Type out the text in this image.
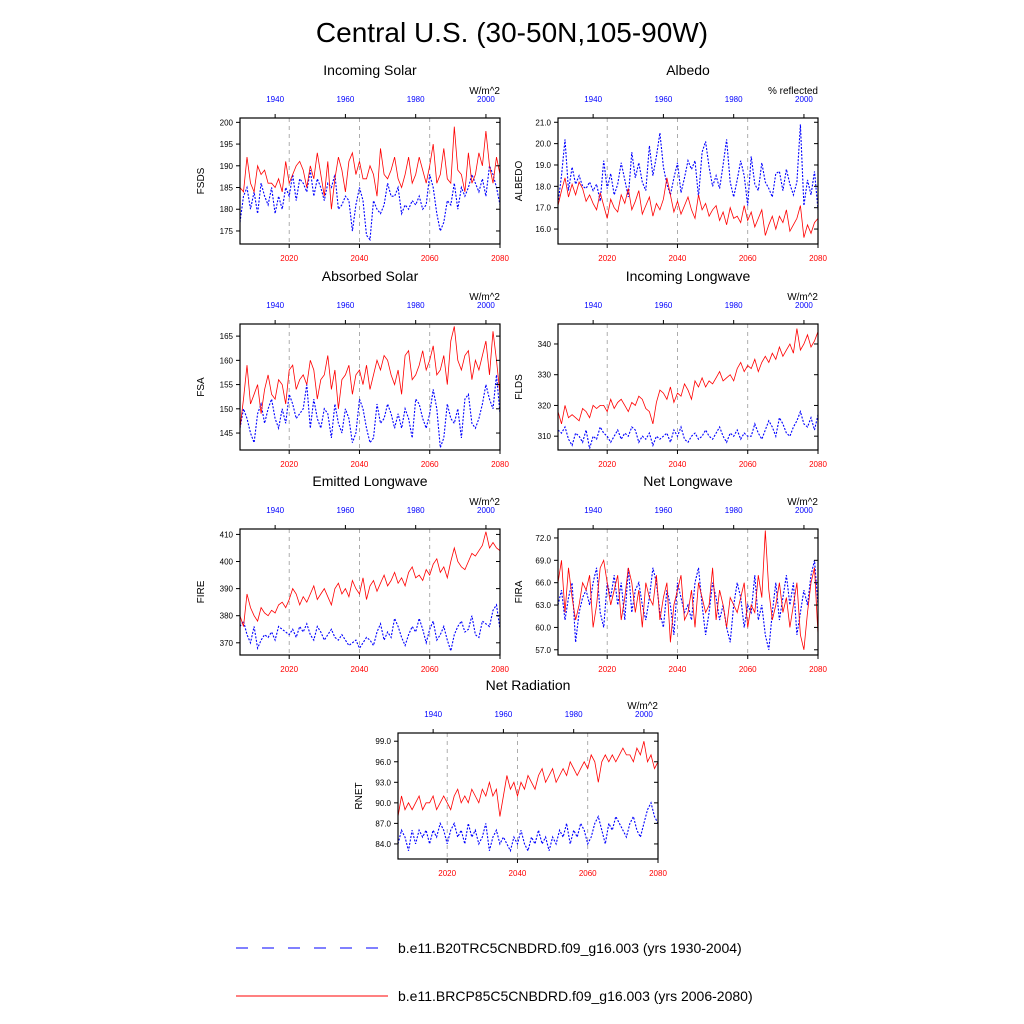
Central U.S. (30-50N,105-90W)
Incoming Solar
W/m^2
FSDS
175
180
185
190
195
200
2020	2040	2060	2080
1940	1960	1980	2000
Albedo
% reflected
ALBEDO
16.0
17.0
18.0
19.0
20.0
21.0
2020	2040	2060	2080
1940	1960	1980	2000
Absorbed Solar
W/m^2
FSA
145
150
155
160
165
2020	2040	2060	2080
1940	1960	1980	2000
Incoming Longwave
W/m^2
FLDS
310
320
330
340
2020	2040	2060	2080
1940	1960	1980	2000
Emitted Longwave
W/m^2
FIRE
370
380
390
400
410
2020	2040	2060	2080
1940	1960	1980	2000
Net Longwave
W/m^2
FIRA
57.0
60.0
63.0
66.0
69.0
72.0
2020	2040	2060	2080
1940	1960	1980	2000
Net Radiation
W/m^2
RNET
84.0
87.0
90.0
93.0
96.0
99.0
2020	2040	2060	2080
1940	1960	1980	2000
b.e11.B20TRC5CNBDRD.f09_g16.003 (yrs 1930-2004)
b.e11.BRCP85C5CNBDRD.f09_g16.003 (yrs 2006-2080)
